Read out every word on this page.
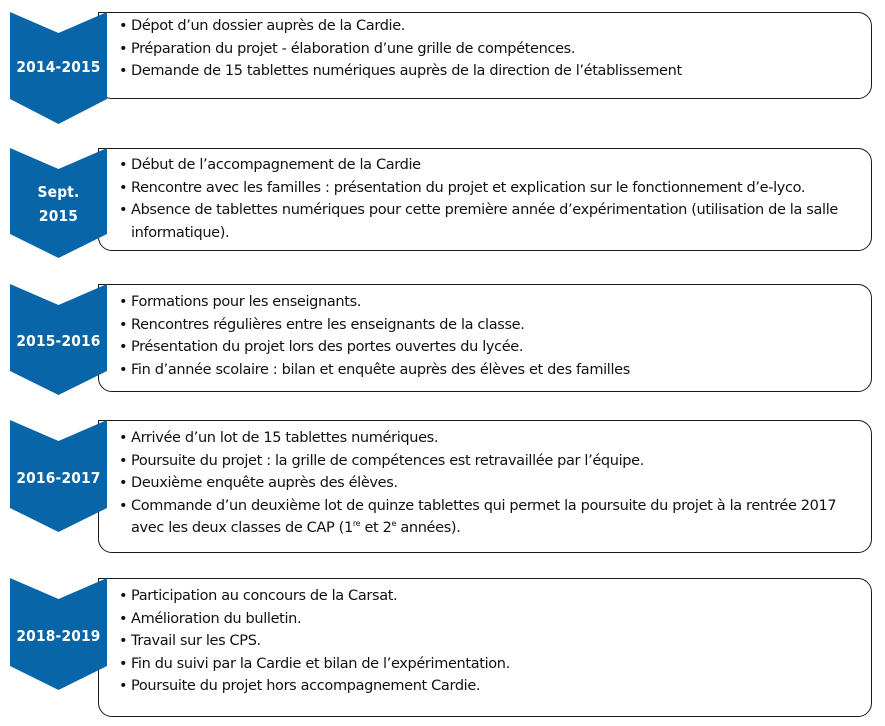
• Dépot d’un dossier auprès de la Cardie.
• Préparation du projet - élaboration d’une grille de compétences.
• Demande de 15 tablettes numériques auprès de la direction de l’établissement
2014-2015
• Début de l’accompagnement de la Cardie
• Rencontre avec les familles : présentation du projet et explication sur le fonctionnement d’e-lyco.
• Absence de tablettes numériques pour cette première année d’expérimentation (utilisation de la salle informatique).
Sept.
2015
• Formations pour les enseignants.
• Rencontres régulières entre les enseignants de la classe.
• Présentation du projet lors des portes ouvertes du lycée.
• Fin d’année scolaire : bilan et enquête auprès des élèves et des familles
2015-2016
• Arrivée d’un lot de 15 tablettes numériques.
• Poursuite du projet : la grille de compétences est retravaillée par l’équipe.
• Deuxième enquête auprès des élèves.
• Commande d’un deuxième lot de quinze tablettes qui permet la poursuite du projet à la rentrée 2017 avec les deux classes de CAP (1re et 2e années).
2016-2017
• Participation au concours de la Carsat.
• Amélioration du bulletin.
• Travail sur les CPS.
• Fin du suivi par la Cardie et bilan de l’expérimentation.
• Poursuite du projet hors accompagnement Cardie.
2018-2019
